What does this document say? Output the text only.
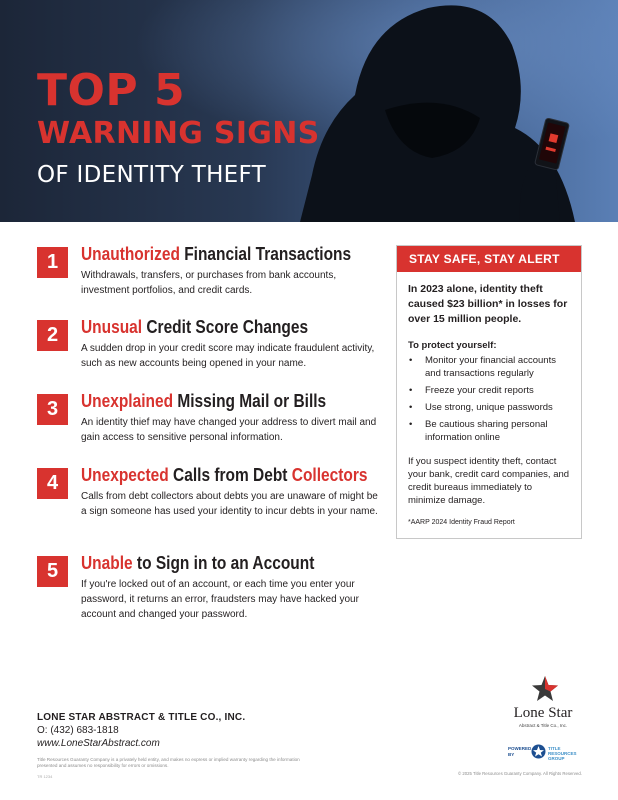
TOP 5
WARNING SIGNS
OF IDENTITY THEFT
1	Unauthorized Financial Transactions
Withdrawals, transfers, or purchases from bank accounts, investment portfolios, and credit cards.
2	Unusual Credit Score Changes
A sudden drop in your credit score may indicate fraudulent activity, such as new accounts being opened in your name.
3	Unexplained Missing Mail or Bills
An identity thief may have changed your address to divert mail and gain access to sensitive personal information.
4	Unexpected Calls from Debt Collectors
Calls from debt collectors about debts you are unaware of might be a sign someone has used your identity to incur debts in your name.
5	Unable to Sign in to an Account
If you're locked out of an account, or each time you enter your password, it returns an error, fraudsters may have hacked your account and changed your password.
STAY SAFE, STAY ALERT
In 2023 alone, identity theft caused $23 billion* in losses for over 15 million people.
To protect yourself:
• Monitor your financial accounts and transactions regularly
• Freeze your credit reports
• Use strong, unique passwords
• Be cautious sharing personal information online
If you suspect identity theft, contact your bank, credit card companies, and credit bureaus immediately to minimize damage.
*AARP 2024 Identity Fraud Report
LONE STAR ABSTRACT & TITLE CO., INC.
O: (432) 683-1818
www.LoneStarAbstract.com
Title Resources Guaranty Company is a privately held entity, and makes no express or implied warranty regarding the information presented and assumes no responsibility for errors or omissions.
TR 1234
© 2025 Title Resources Guaranty Company. All Rights Reserved.
Lone Star
Abstract & Title Co., Inc.
POWERED BY
TITLE RESOURCES GROUP
